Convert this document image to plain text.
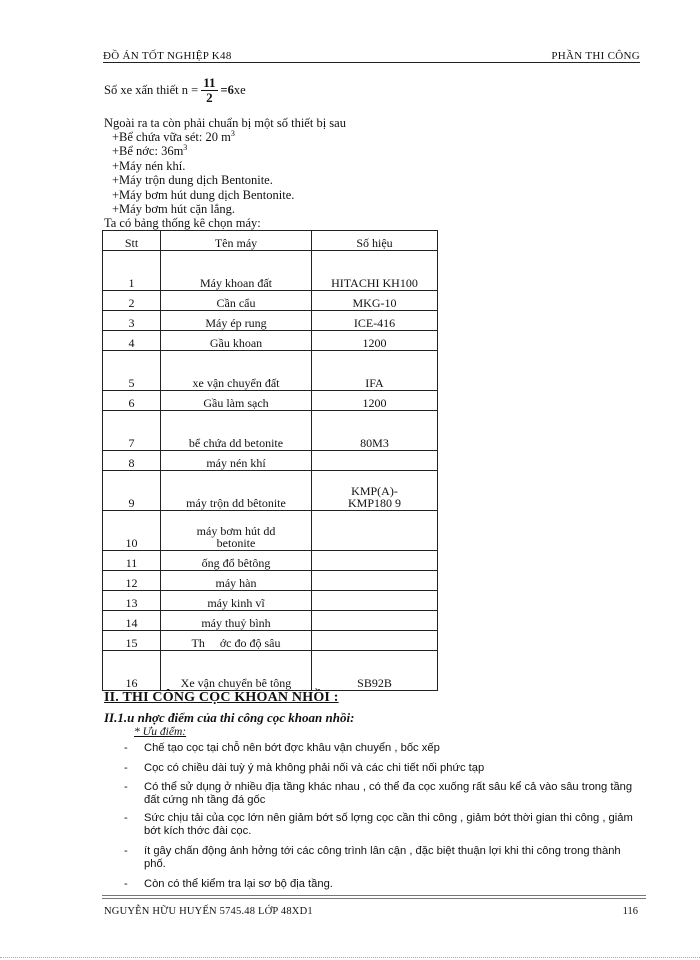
ĐỒ ÁN TỐT NGHIỆP K48	PHẦN THI CÔNG
Số xe xấn thiết $n = \frac{11}{2} =6$ xe
Ngoài ra ta còn phải chuẩn bị một số thiết bị sau
+Bể chứa vữa sét: 20 $m^3$
+Bể nớc: $36m^3$
+Máy nén khí.
+Máy trộn dung dịch Bentonite.
+Máy bơm hút dung dịch Bentonite.
+Máy bơm hút cặn lắng.
Ta có bảng thống kê chọn máy:
Stt	Tên máy	Số hiệu
1	Máy khoan đất	HITACHI KH100
2	Cần cẩu	MKG-10
3	Máy ép rung	ICE-416
4	Gầu khoan	1200
5	xe vận chuyển đất	IFA
6	Gầu làm sạch	1200
7	bể chứa dd betonite	80M3
8	máy nén khí	
9	máy trộn dd bêtonite	KMP(A)-
KMP180 9
10	máy bơm hút dd
betonite	
11	ống đổ bêtông	
12	máy hàn	
13	máy kinh vĩ	
14	máy thuỷ bình	
15	Th     ớc đo độ sâu	
16	Xe vận chuyển bê tông	SB92B
II. THI CÔNG CỌC KHOAN NHỒI :
II.1.u nhợc điểm của thi công cọc khoan nhồi:
* Ưu điểm:
- Chế tạo cọc tại chỗ nên bớt đợc khâu vận chuyển , bốc xếp
- Cọc có chiều dài tuỳ ý mà không phải nối và các chi tiết nối phức tạp
- Có thể sử dụng ở nhiều địa tầng khác nhau , có thể đa cọc xuống rất sâu kể cả vào sâu trong tầng đất cứng nh tầng đá gốc
- Sức chịu tải của cọc lớn nên giảm bớt số lợng cọc cần thi công , giảm bớt thời gian thi công , giảm bớt kích thớc đài cọc.
- ít gây chấn động ảnh hởng tới các công trình lân cận , đặc biệt thuận lợi khi thi công trong thành phố.
- Còn có thể kiểm tra lại sơ bộ địa tầng.
NGUYỄN HỮU HUYẾN 5745.48 LỚP 48XD1	116
